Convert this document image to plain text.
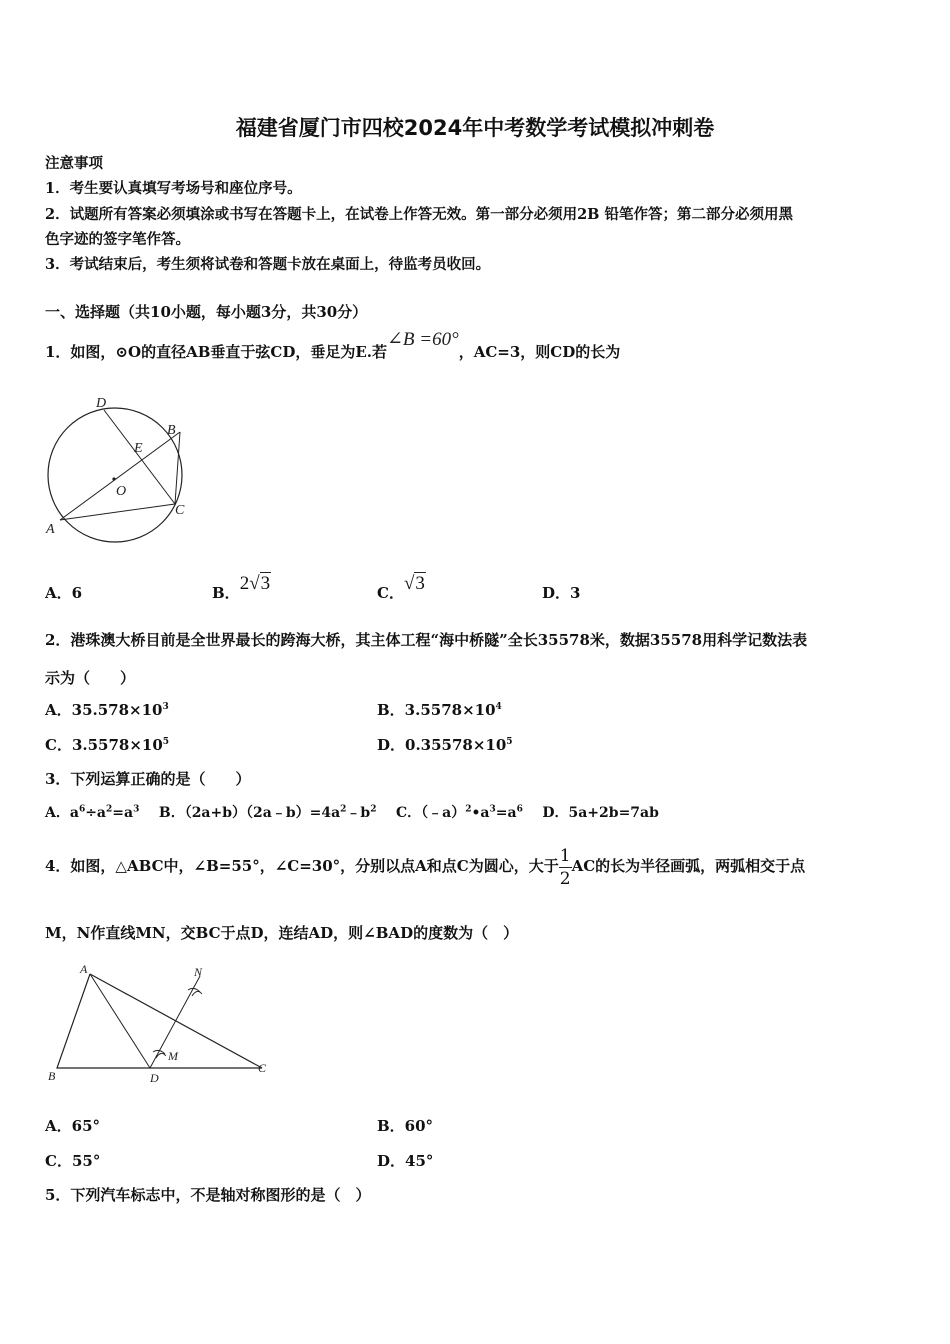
福建省厦门市四校2024年中考数学考试模拟冲刺卷
注意事项
1．考生要认真填写考场号和座位序号。
2．试题所有答案必须填涂或书写在答题卡上，在试卷上作答无效。第一部分必须用2B 铅笔作答；第二部分必须用黑
色字迹的签字笔作答。
3．考试结束后，考生须将试卷和答题卡放在桌面上，待监考员收回。
一、选择题（共10小题，每小题3分，共30分）
1．如图，⊙O的直径AB垂直于弦CD，垂足为E.若∠B =60°，AC=3，则CD的长为
D
B
E
O
C
A
A．6	B．2√3	C．√3	D．3
2．港珠澳大桥目前是全世界最长的跨海大桥，其主体工程“海中桥隧”全长35578米，数据35578用科学记数法表
示为（　　）
A．$35.578\times 10^3$	B．$3.5578\times 10^4$
C．$3.5578\times 10^5$	D．$0.35578\times 10^5$
3．下列运算正确的是（　　）
A．$a^6\div a^2=a^3$ B．$(2a+b)(2a﹣b)=4a^2﹣b^2$ C．$(﹣a)^2•a^3=a^6$ D．5a+2b=7ab
4．如图，△ABC中，∠B=55°，∠C=30°，分别以点A和点C为圆心，大于 $\frac{1}{2}$ AC的长为半径画弧，两弧相交于点
M，N作直线MN，交BC于点D，连结AD，则∠BAD的度数为（　）
A	N
M
B	D
C
A．65°	B．60°
C．55°	D．45°
5．下列汽车标志中，不是轴对称图形的是（　）
